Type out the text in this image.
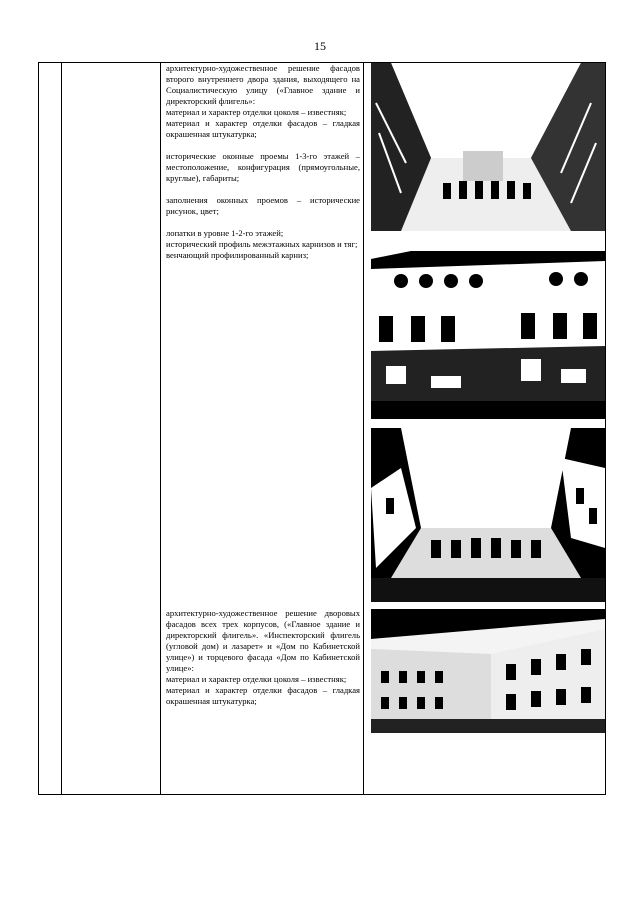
15

архитектурно-художественное решение фасадов второго внутреннего двора здания, выходящего на Социалистическую улицу («Главное здание и директорский флигель»:

материал и характер отделки цоколя – известняк;

материал и характер отделки фасадов – гладкая окрашенная штукатурка;

исторические оконные проемы 1-3-го этажей – местоположение, конфигурация (прямоугольные, круглые), габариты;

заполнения оконных проемов – исторические рисунок, цвет;

лопатки в уровне 1-2-го этажей;

исторический профиль межэтажных карнизов и тяг;

венчающий профилированный карниз;

архитектурно-художественное решение дворовых фасадов всех трех корпусов, («Главное здание и директорский флигель». «Инспекторский флигель (угловой дом) и лазарет» и «Дом по Кабинетской улице») и торцевого фасада «Дом по Кабинетской улице»:

материал и характер отделки цоколя – известняк;

материал и характер отделки фасадов – гладкая окрашенная штукатурка;
